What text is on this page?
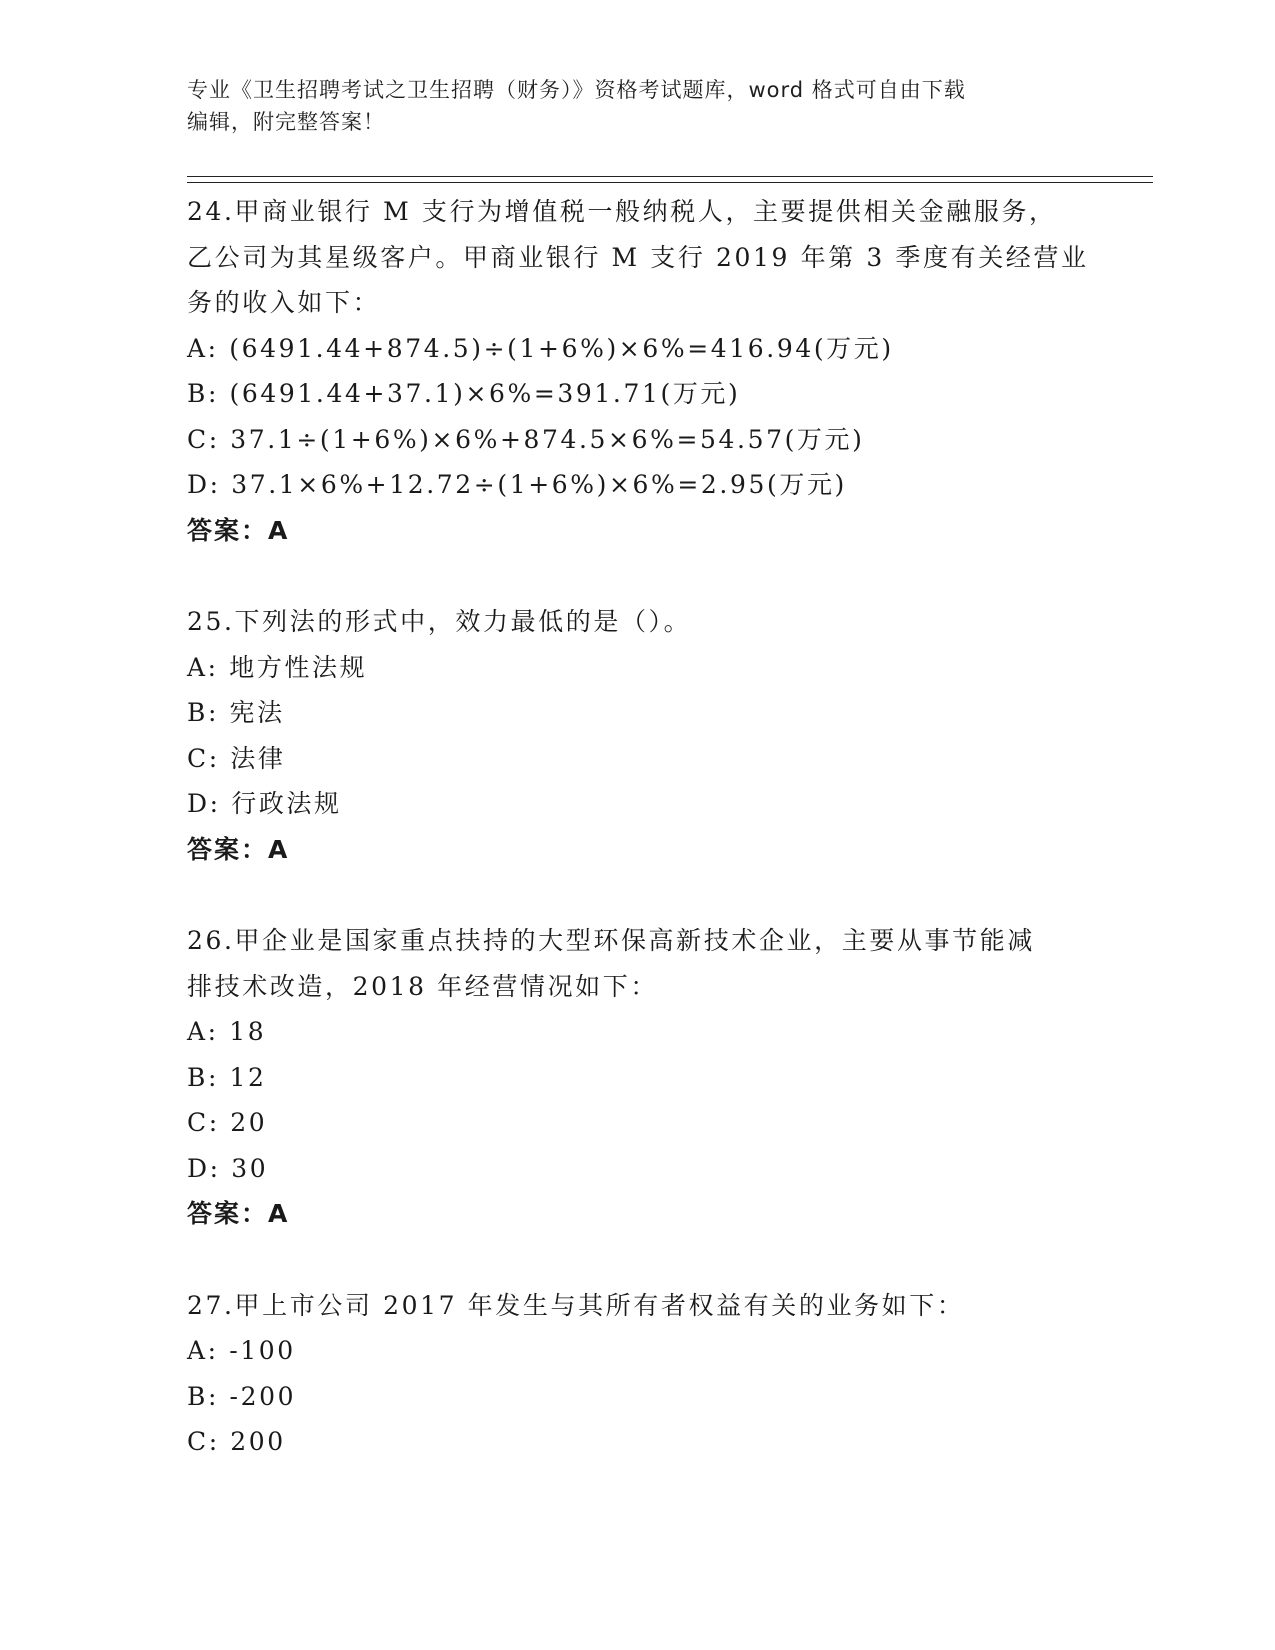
专业《卫生招聘考试之卫生招聘（财务）》资格考试题库，word 格式可自由下载
编辑，附完整答案！

24.甲商业银行 M 支行为增值税一般纳税人，主要提供相关金融服务，

乙公司为其星级客户。甲商业银行 M 支行 2019 年第 3 季度有关经营业

务的收入如下：

A: (6491.44+874.5)÷(1+6%)×6%=416.94(万元)

B: (6491.44+37.1)×6%=391.71(万元)

C: 37.1÷(1+6%)×6%+874.5×6%=54.57(万元)

D: 37.1×6%+12.72÷(1+6%)×6%=2.95(万元)

答案：A

25.下列法的形式中，效力最低的是（）。

A: 地方性法规

B: 宪法

C: 法律

D: 行政法规

答案：A

26.甲企业是国家重点扶持的大型环保高新技术企业，主要从事节能减

排技术改造，2018 年经营情况如下：

A: 18

B: 12

C: 20

D: 30

答案：A

27.甲上市公司 2017 年发生与其所有者权益有关的业务如下：

A: -100

B: -200

C: 200
